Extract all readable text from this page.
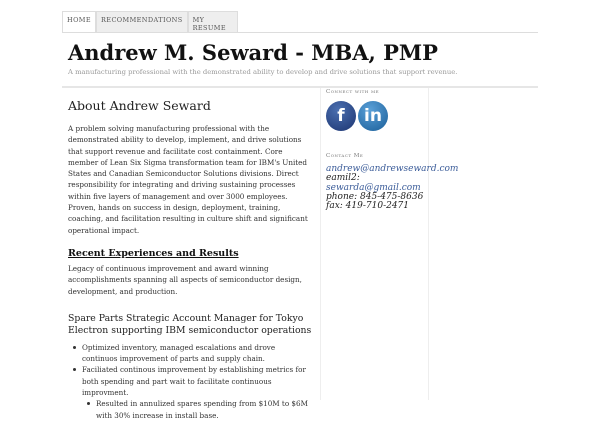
HOME	RECOMMENDATIONS	MY RESUME
Andrew M. Seward - MBA, PMP
A manufacturing professional with the demonstrated ability to develop and drive solutions that support revenue.
About Andrew Seward

A problem solving manufacturing professional with the demonstrated ability to develop, implement, and drive solutions that support revenue and facilitate cost containment. Core member of Lean Six Sigma transformation team for IBM's United States and Canadian Semiconductor Solutions divisions. Direct responsibility for integrating and driving sustaining processes within five layers of management and over 3000 employees. Proven, hands on success in design, deployment, training, coaching, and facilitation resulting in culture shift and significant operational impact.

Recent Experiences and Results

Legacy of continuous improvement and award winning accomplishments spanning all aspects of semiconductor design, development, and production.

Spare Parts Strategic Account Manager for Tokyo Electron supporting IBM semiconductor operations
Optimized inventory, managed escalations and drove continuos improvement of parts and supply chain.
Faciliated continous improvement by establishing metrics for both spending and part wait to facilitate continuous improvment.
Resulted in annulized spares spending from $10M to $6M with 30% increase in install base.
Connect with me
f	in
Contact Me
andrew@andrewseward.com
eamil2:
sewarda@gmail.com
phone: 845-475-8636
fax: 419-710-2471
